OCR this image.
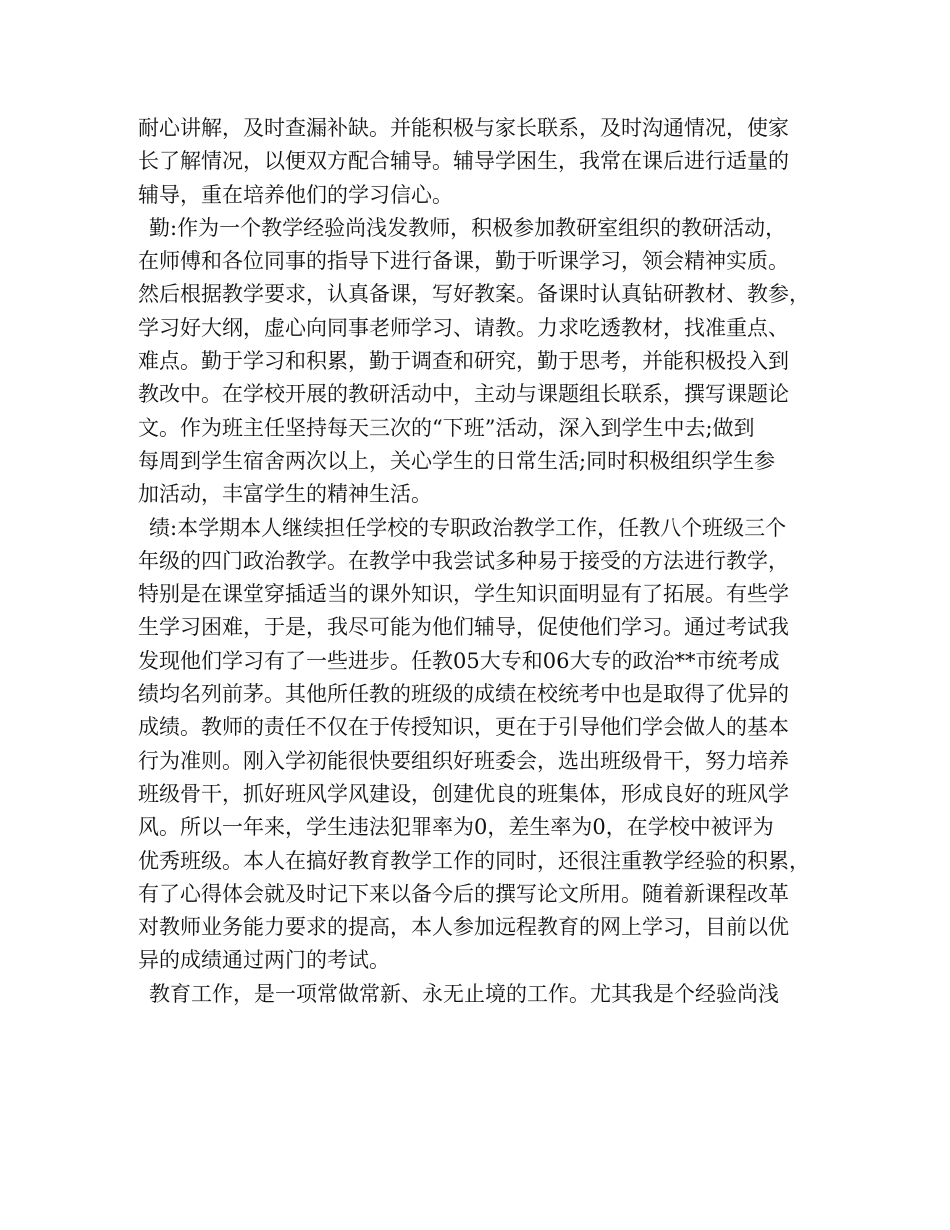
耐心讲解，及时查漏补缺。并能积极与家长联系，及时沟通情况，使家
长了解情况，以便双方配合辅导。辅导学困生，我常在课后进行适量的
辅导，重在培养他们的学习信心。
勤:作为一个教学经验尚浅发教师，积极参加教研室组织的教研活动，
在师傅和各位同事的指导下进行备课，勤于听课学习，领会精神实质。
然后根据教学要求，认真备课，写好教案。备课时认真钻研教材、教参，
学习好大纲，虚心向同事老师学习、请教。力求吃透教材，找准重点、
难点。勤于学习和积累，勤于调查和研究，勤于思考，并能积极投入到
教改中。在学校开展的教研活动中，主动与课题组长联系，撰写课题论
文。作为班主任坚持每天三次的“下班”活动，深入到学生中去;做到
每周到学生宿舍两次以上，关心学生的日常生活;同时积极组织学生参
加活动，丰富学生的精神生活。
绩:本学期本人继续担任学校的专职政治教学工作，任教八个班级三个
年级的四门政治教学。在教学中我尝试多种易于接受的方法进行教学，
特别是在课堂穿插适当的课外知识，学生知识面明显有了拓展。有些学
生学习困难，于是，我尽可能为他们辅导，促使他们学习。通过考试我
发现他们学习有了一些进步。任教05大专和06大专的政治**市统考成
绩均名列前茅。其他所任教的班级的成绩在校统考中也是取得了优异的
成绩。教师的责任不仅在于传授知识，更在于引导他们学会做人的基本
行为准则。刚入学初能很快要组织好班委会，选出班级骨干，努力培养
班级骨干，抓好班风学风建设，创建优良的班集体，形成良好的班风学
风。所以一年来，学生违法犯罪率为0，差生率为0，在学校中被评为
优秀班级。本人在搞好教育教学工作的同时，还很注重教学经验的积累，
有了心得体会就及时记下来以备今后的撰写论文所用。随着新课程改革
对教师业务能力要求的提高，本人参加远程教育的网上学习，目前以优
异的成绩通过两门的考试。
教育工作，是一项常做常新、永无止境的工作。尤其我是个经验尚浅
